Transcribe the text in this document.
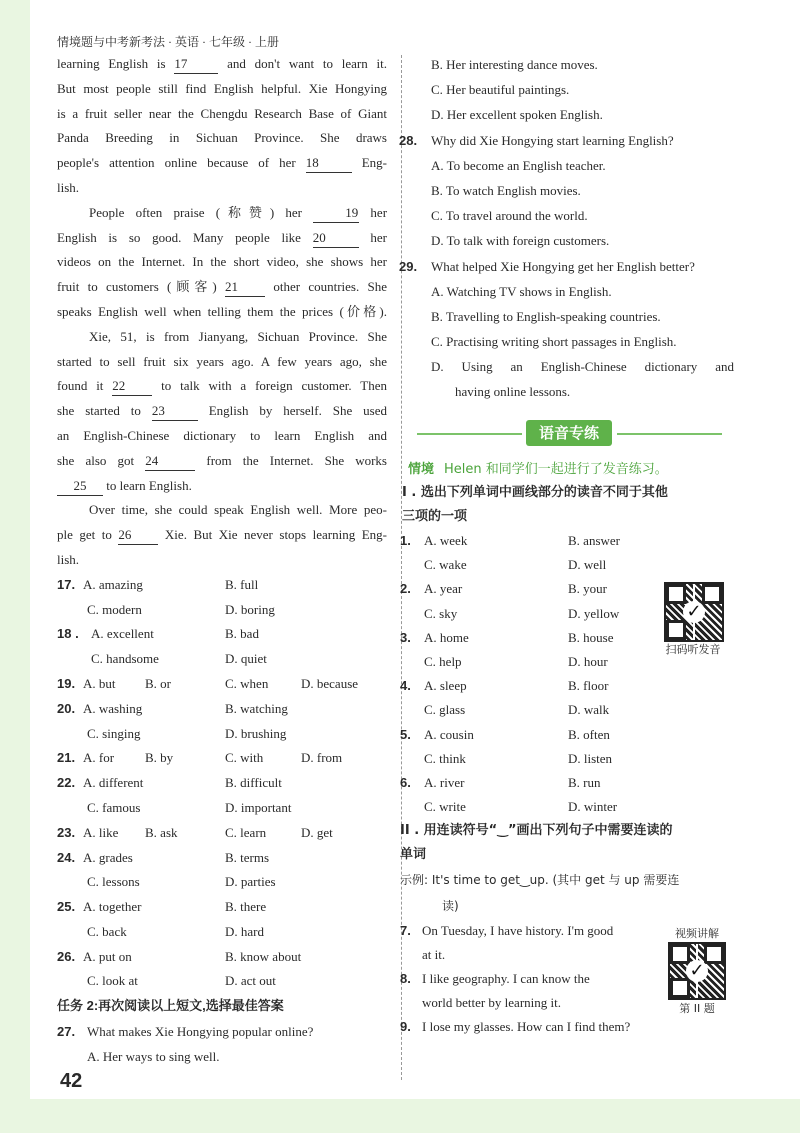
情境题与中考新考法 · 英语 · 七年级 · 上册
42
learning English is 17	and don't want to learn it.
But most people still find English helpful. Xie Hongying
is a fruit seller near the Chengdu Research Base of Giant
Panda Breeding in Sichuan Province. She draws
people's attention online because of her 18	Eng-
lish.
People often praise (称赞) her	19 her
English is so good. Many people like 20	her
videos on the Internet. In the short video, she shows her
fruit to customers (顾客) 21	other countries. She
speaks English well when telling them the prices (价格).
Xie, 51, is from Jianyang, Sichuan Province. She
started to sell fruit six years ago. A few years ago, she
found it 22	to talk with a foreign customer. Then
she started to 23	English by herself. She used
an English-Chinese dictionary to learn English and
she also got 24	from the Internet. She works
25 to learn English.
Over time, she could speak English well. More peo-
ple get to 26	Xie. But Xie never stops learning Eng-
lish.
17. A. amazing	B. full
C. modern	D. boring
18 . A. excellent	B. bad
C. handsome	D. quiet
19. A. but B. or	C. when	D. because
20. A. washing	B. watching
C. singing	D. brushing
21. A. for B. by	C. with	D. from
22. A. different	B. difficult
C. famous	D. important
23. A. like B. ask	C. learn	D. get
24. A. grades	B. terms
C. lessons	D. parties
25. A. together	B. there
C. back	D. hard
26. A. put on	B. know about
C. look at	D. act out
任务 2:再次阅读以上短文,选择最佳答案
27. What makes Xie Hongying popular online?
A. Her ways to sing well.
B. Her interesting dance moves.
C. Her beautiful paintings.
D. Her excellent spoken English.
28. Why did Xie Hongying start learning English?
A. To become an English teacher.
B. To watch English movies.
C. To travel around the world.
D. To talk with foreign customers.
29. What helped Xie Hongying get her English better?
A. Watching TV shows in English.
B. Travelling to English-speaking countries.
C. Practising writing short passages in English.
D. Using an English-Chinese dictionary and
having online lessons.
语音专练
情境 Helen 和同学们一起进行了发音练习。
I . 选出下列单词中画线部分的读音不同于其他
三项的一项
1. A. week	B. answer
C. wake	D. well
2. A. year	B. your
C. sky	D. yellow
3. A. home	B. house
C. help	D. hour
4. A. sleep	B. floor
C. glass	D. walk
5. A. cousin	B. often
C. think	D. listen
6. A. river	B. run
C. write	D. winter
II . 用连读符号“‿”画出下列句子中需要连读的
单词
示例: It's time to get‿up. (其中 get 与 up 需要连
读)
7. On Tuesday, I have history. I'm good
at it.
8. I like geography. I can know the
world better by learning it.
9. I lose my glasses. How can I find them?
✓
扫码听发音
视频讲解
✓
第 II 题
